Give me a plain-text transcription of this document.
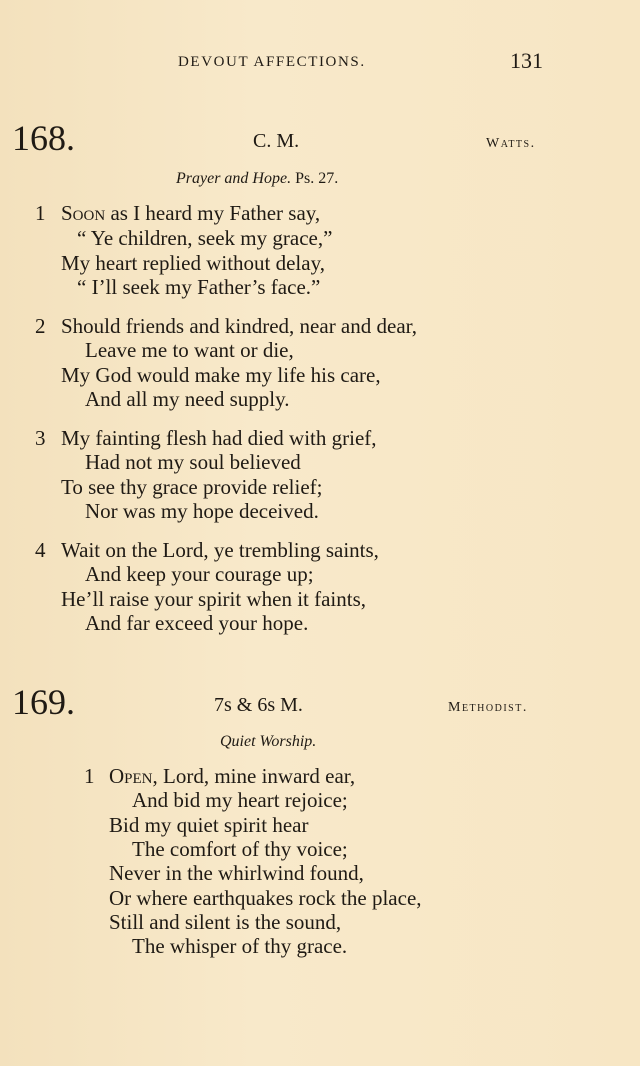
DEVOUT AFFECTIONS.	131
168.	C. M.	Watts.
Prayer and Hope. Ps. 27.
1 Soon as I heard my Father say,
“ Ye children, seek my grace,”
My heart replied without delay,
“ I’ll seek my Father’s face.”
2 Should friends and kindred, near and dear,
Leave me to want or die,
My God would make my life his care,
And all my need supply.
3 My fainting flesh had died with grief,
Had not my soul believed
To see thy grace provide relief;
Nor was my hope deceived.
4 Wait on the Lord, ye trembling saints,
And keep your courage up;
He’ll raise your spirit when it faints,
And far exceed your hope.
169.	7s & 6s M.	Methodist.
Quiet Worship.
1 Open, Lord, mine inward ear,
And bid my heart rejoice;
Bid my quiet spirit hear
The comfort of thy voice;
Never in the whirlwind found,
Or where earthquakes rock the place,
Still and silent is the sound,
The whisper of thy grace.
